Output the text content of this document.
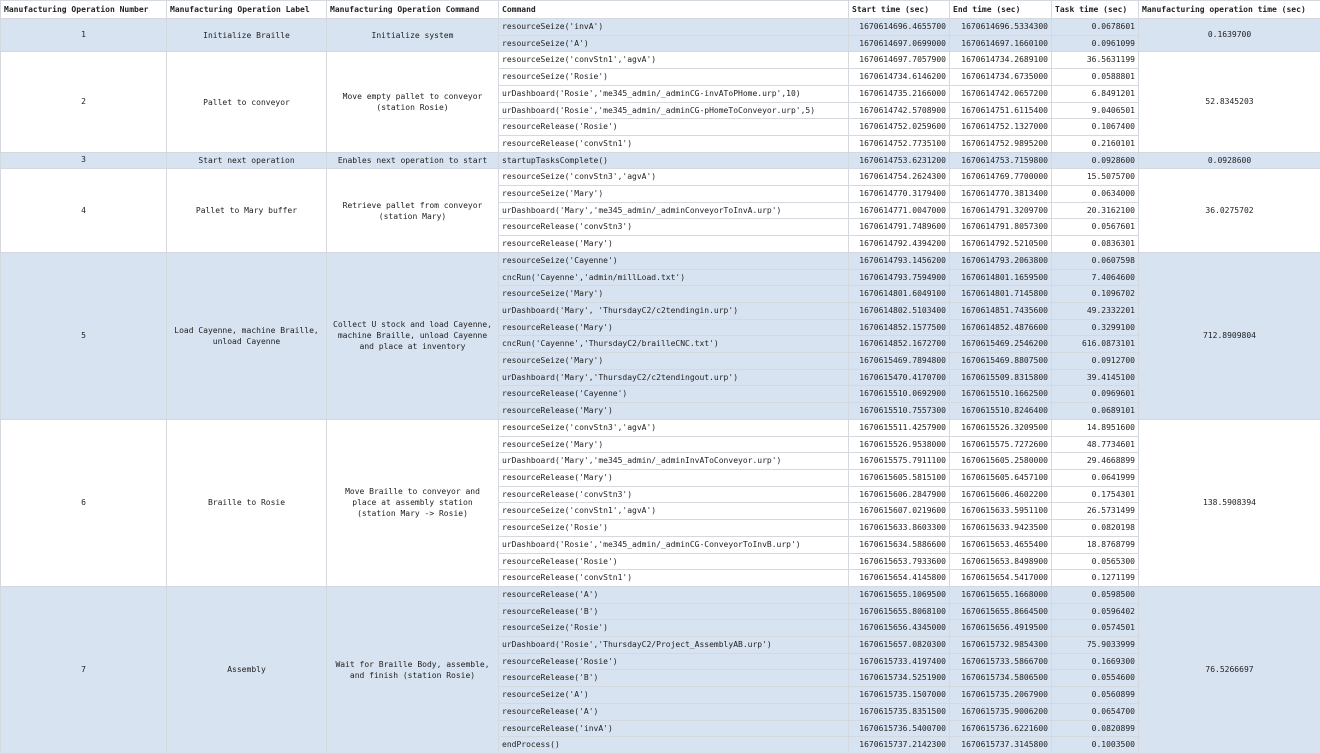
Manufacturing Operation Number	Manufacturing Operation Label	Manufacturing Operation Command	Command	Start time (sec)	End time (sec)	Task time (sec)	Manufacturing operation time (sec)
1	Initialize Braille	Initialize system	resourceSeize('invA')	1670614696.4655700	1670614696.5334300	0.0678601	0.1639700
			resourceSeize('A')	1670614697.0699000	1670614697.1660100	0.0961099	
2	Pallet to conveyor	Move empty pallet to conveyor (station Rosie)	resourceSeize('convStn1','agvA')	1670614697.7057900	1670614734.2689100	36.5631199	52.8345203
			resourceSeize('Rosie')	1670614734.6146200	1670614734.6735000	0.0588801	
			urDashboard('Rosie','me345_admin/_adminCG-invAToPHome.urp',10)	1670614735.2166000	1670614742.0657200	6.8491201	
			urDashboard('Rosie','me345_admin/_adminCG-pHomeToConveyor.urp',5)	1670614742.5708900	1670614751.6115400	9.0406501	
			resourceRelease('Rosie')	1670614752.0259600	1670614752.1327000	0.1067400	
			resourceRelease('convStn1')	1670614752.7735100	1670614752.9895200	0.2160101	
3	Start next operation	Enables next operation to start	startupTasksComplete()	1670614753.6231200	1670614753.7159800	0.0928600	0.0928600
4	Pallet to Mary buffer	Retrieve pallet from conveyor (station Mary)	resourceSeize('convStn3','agvA')	1670614754.2624300	1670614769.7700000	15.5075700	36.0275702
			resourceSeize('Mary')	1670614770.3179400	1670614770.3813400	0.0634000	
			urDashboard('Mary','me345_admin/_adminConveyorToInvA.urp')	1670614771.0047000	1670614791.3209700	20.3162100	
			resourceRelease('convStn3')	1670614791.7489600	1670614791.8057300	0.0567601	
			resourceRelease('Mary')	1670614792.4394200	1670614792.5210500	0.0836301	
5	Load Cayenne, machine Braille, unload Cayenne	Collect U stock and load Cayenne, machine Braille, unload Cayenne and place at inventory	resourceSeize('Cayenne')	1670614793.1456200	1670614793.2063800	0.0607598	712.8909804
			cncRun('Cayenne','admin/millLoad.txt')	1670614793.7594900	1670614801.1659500	7.4064600	
			resourceSeize('Mary')	1670614801.6049100	1670614801.7145800	0.1096702	
			urDashboard('Mary', 'ThursdayC2/c2tendingin.urp')	1670614802.5103400	1670614851.7435600	49.2332201	
			resourceRelease('Mary')	1670614852.1577500	1670614852.4876600	0.3299100	
			cncRun('Cayenne','ThursdayC2/brailleCNC.txt')	1670614852.1672700	1670615469.2546200	616.0873101	
			resourceSeize('Mary')	1670615469.7894800	1670615469.8807500	0.0912700	
			urDashboard('Mary','ThursdayC2/c2tendingout.urp')	1670615470.4170700	1670615509.8315800	39.4145100	
			resourceRelease('Cayenne')	1670615510.0692900	1670615510.1662500	0.0969601	
			resourceRelease('Mary')	1670615510.7557300	1670615510.8246400	0.0689101	
6	Braille to Rosie	Move Braille to conveyor and place at assembly station (station Mary -> Rosie)	resourceSeize('convStn3','agvA')	1670615511.4257900	1670615526.3209500	14.8951600	138.5908394
			resourceSeize('Mary')	1670615526.9538000	1670615575.7272600	48.7734601	
			urDashboard('Mary','me345_admin/_adminInvAToConveyor.urp')	1670615575.7911100	1670615605.2580000	29.4668899	
			resourceRelease('Mary')	1670615605.5815100	1670615605.6457100	0.0641999	
			resourceRelease('convStn3')	1670615606.2847900	1670615606.4602200	0.1754301	
			resourceSeize('convStn1','agvA')	1670615607.0219600	1670615633.5951100	26.5731499	
			resourceSeize('Rosie')	1670615633.8603300	1670615633.9423500	0.0820198	
			urDashboard('Rosie','me345_admin/_adminCG-ConveyorToInvB.urp')	1670615634.5886600	1670615653.4655400	18.8768799	
			resourceRelease('Rosie')	1670615653.7933600	1670615653.8498900	0.0565300	
			resourceRelease('convStn1')	1670615654.4145800	1670615654.5417000	0.1271199	
7	Assembly	Wait for Braille Body, assemble, and finish (station Rosie)	resourceRelease('A')	1670615655.1069500	1670615655.1668000	0.0598500	76.5266697
			resourceRelease('B')	1670615655.8068100	1670615655.8664500	0.0596402	
			resourceSeize('Rosie')	1670615656.4345000	1670615656.4919500	0.0574501	
			urDashboard('Rosie','ThursdayC2/Project_AssemblyAB.urp')	1670615657.0820300	1670615732.9854300	75.9033999	
			resourceRelease('Rosie')	1670615733.4197400	1670615733.5866700	0.1669300	
			resourceRelease('B')	1670615734.5251900	1670615734.5806500	0.0554600	
			resourceSeize('A')	1670615735.1507000	1670615735.2067900	0.0560899	
			resourceRelease('A')	1670615735.8351500	1670615735.9006200	0.0654700	
			resourceRelease('invA')	1670615736.5400700	1670615736.6221600	0.0820899	
			endProcess()	1670615737.2142300	1670615737.3145800	0.1003500	
